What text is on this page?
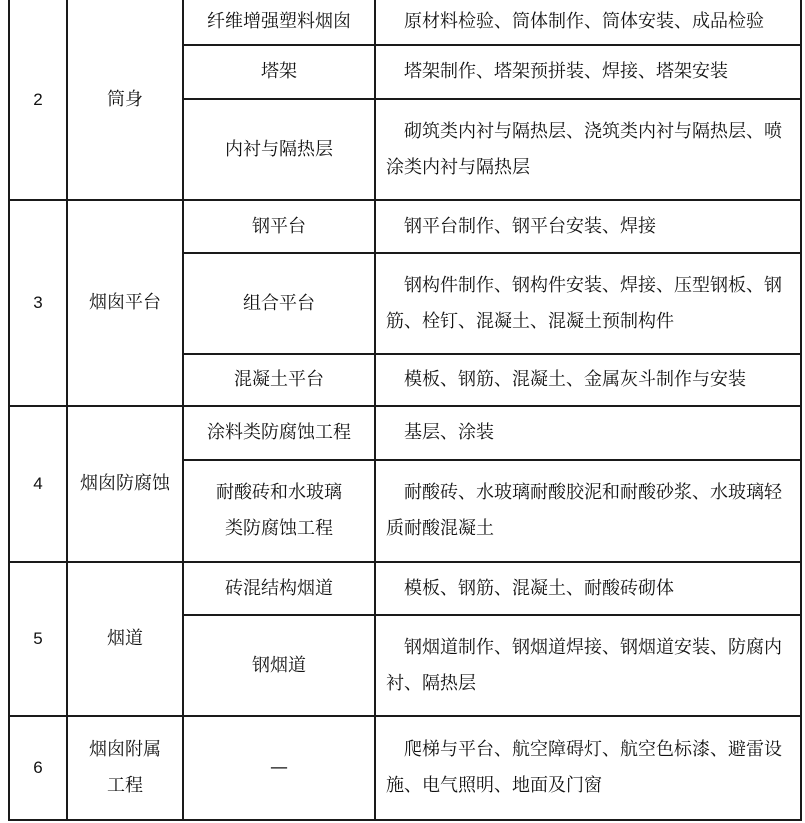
2	筒身	纤维增强塑料烟囱	原材料检验、筒体制作、筒体安装、成品检验
		塔架	塔架制作、塔架预拼装、焊接、塔架安装
		内衬与隔热层	砌筑类内衬与隔热层、浇筑类内衬与隔热层、喷涂类内衬与隔热层
3	烟囱平台	钢平台	钢平台制作、钢平台安装、焊接
		组合平台	钢构件制作、钢构件安装、焊接、压型钢板、钢筋、栓钉、混凝土、混凝土预制构件
		混凝土平台	模板、钢筋、混凝土、金属灰斗制作与安装
4	烟囱防腐蚀	涂料类防腐蚀工程	基层、涂装
		耐酸砖和水玻璃类防腐蚀工程	耐酸砖、水玻璃耐酸胶泥和耐酸砂浆、水玻璃轻质耐酸混凝土
5	烟道	砖混结构烟道	模板、钢筋、混凝土、耐酸砖砌体
		钢烟道	钢烟道制作、钢烟道焊接、钢烟道安装、防腐内衬、隔热层
6	烟囱附属工程	—	爬梯与平台、航空障碍灯、航空色标漆、避雷设施、电气照明、地面及门窗
